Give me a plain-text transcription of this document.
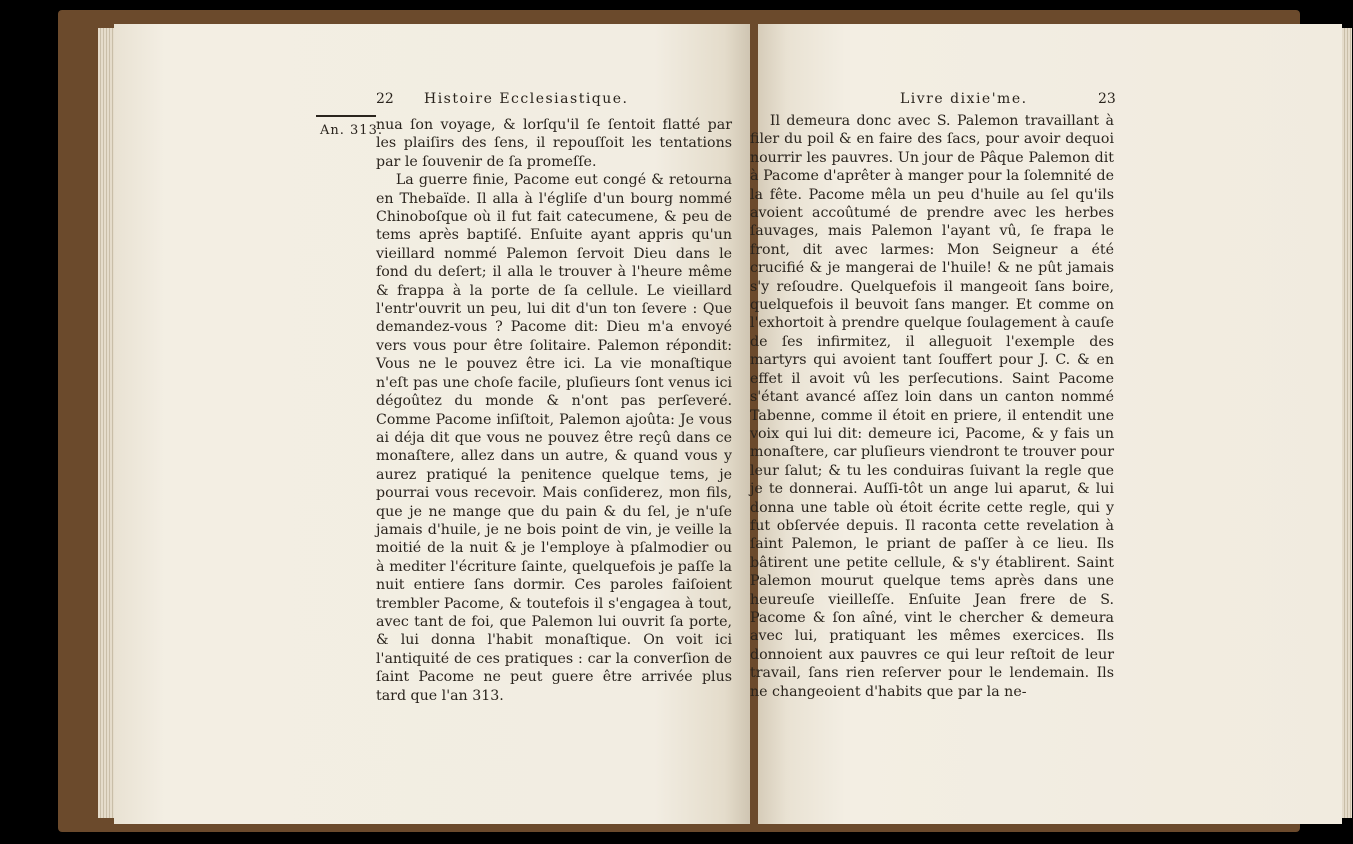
An. 313.
22 Histoire Ecclesiastique.

nua ſon voyage, & lorſqu'il ſe ſentoit flatté par les plaiſirs des ſens, il repouſſoit les tentations par le ſouvenir de ſa promeſſe.

La guerre finie, Pacome eut congé & retourna en Thebaïde. Il alla à l'égliſe d'un bourg nommé Chinoboſque où il fut fait catecumene, & peu de tems après baptiſé. Enſuite ayant appris qu'un vieillard nommé Palemon ſervoit Dieu dans le fond du deſert; il alla le trouver à l'heure même & frappa à la porte de ſa cellule. Le vieillard l'entr'ouvrit un peu, lui dit d'un ton ſevere : Que demandez-vous ? Pacome dit: Dieu m'a envoyé vers vous pour être ſolitaire. Palemon répondit: Vous ne le pouvez être ici. La vie monaſtique n'eſt pas une choſe facile, pluſieurs ſont venus ici dégoûtez du monde & n'ont pas perſeveré. Comme Pacome inſiſtoit, Palemon ajoûta: Je vous ai déja dit que vous ne pouvez être reçû dans ce monaſtere, allez dans un autre, & quand vous y aurez pratiqué la penitence quelque tems, je pourrai vous recevoir. Mais conſiderez, mon fils, que je ne mange que du pain & du ſel, je n'uſe jamais d'huile, je ne bois point de vin, je veille la moitié de la nuit & je l'employe à pſalmodier ou à mediter l'écriture ſainte, quelquefois je paſſe la nuit entiere ſans dormir. Ces paroles faiſoient trembler Pacome, & toutefois il s'engagea à tout, avec tant de foi, que Palemon lui ouvrit ſa porte, & lui donna l'habit monaſtique. On voit ici l'antiquité de ces pratiques : car la converſion de ſaint Pacome ne peut guere être arrivée plus tard que l'an 313.

Livre dixie'me.	23

Il demeura donc avec S. Palemon travaillant à filer du poil & en faire des ſacs, pour avoir dequoi nourrir les pauvres. Un jour de Pâque Palemon dit à Pacome d'aprêter à manger pour la ſolemnité de la fête. Pacome mêla un peu d'huile au ſel qu'ils avoient accoûtumé de prendre avec les herbes ſauvages, mais Palemon l'ayant vû, ſe frapa le front, dit avec larmes: Mon Seigneur a été crucifié & je mangerai de l'huile! & ne pût jamais s'y reſoudre. Quelquefois il mangeoit ſans boire, quelquefois il beuvoit ſans manger. Et comme on l'exhortoit à prendre quelque ſoulagement à cauſe de ſes infirmitez, il alleguoit l'exemple des martyrs qui avoient tant ſouffert pour J. C. & en effet il avoit vû les perſecutions. Saint Pacome s'étant avancé aſſez loin dans un canton nommé Tabenne, comme il étoit en priere, il entendit une voix qui lui dit: demeure ici, Pacome, & y fais un monaſtere, car pluſieurs viendront te trouver pour leur ſalut; & tu les conduiras ſuivant la regle que je te donnerai. Auſſi-tôt un ange lui aparut, & lui donna une table où étoit écrite cette regle, qui y fut obſervée depuis. Il raconta cette revelation à ſaint Palemon, le priant de paſſer à ce lieu. Ils bâtirent une petite cellule, & s'y établirent. Saint Palemon mourut quelque tems après dans une heureuſe vieilleſſe. Enſuite Jean frere de S. Pacome & ſon aîné, vint le chercher & demeura avec lui, pratiquant les mêmes exercices. Ils donnoient aux pauvres ce qui leur reſtoit de leur travail, ſans rien reſerver pour le lendemain. Ils ne changeoient d'habits que par la ne-
